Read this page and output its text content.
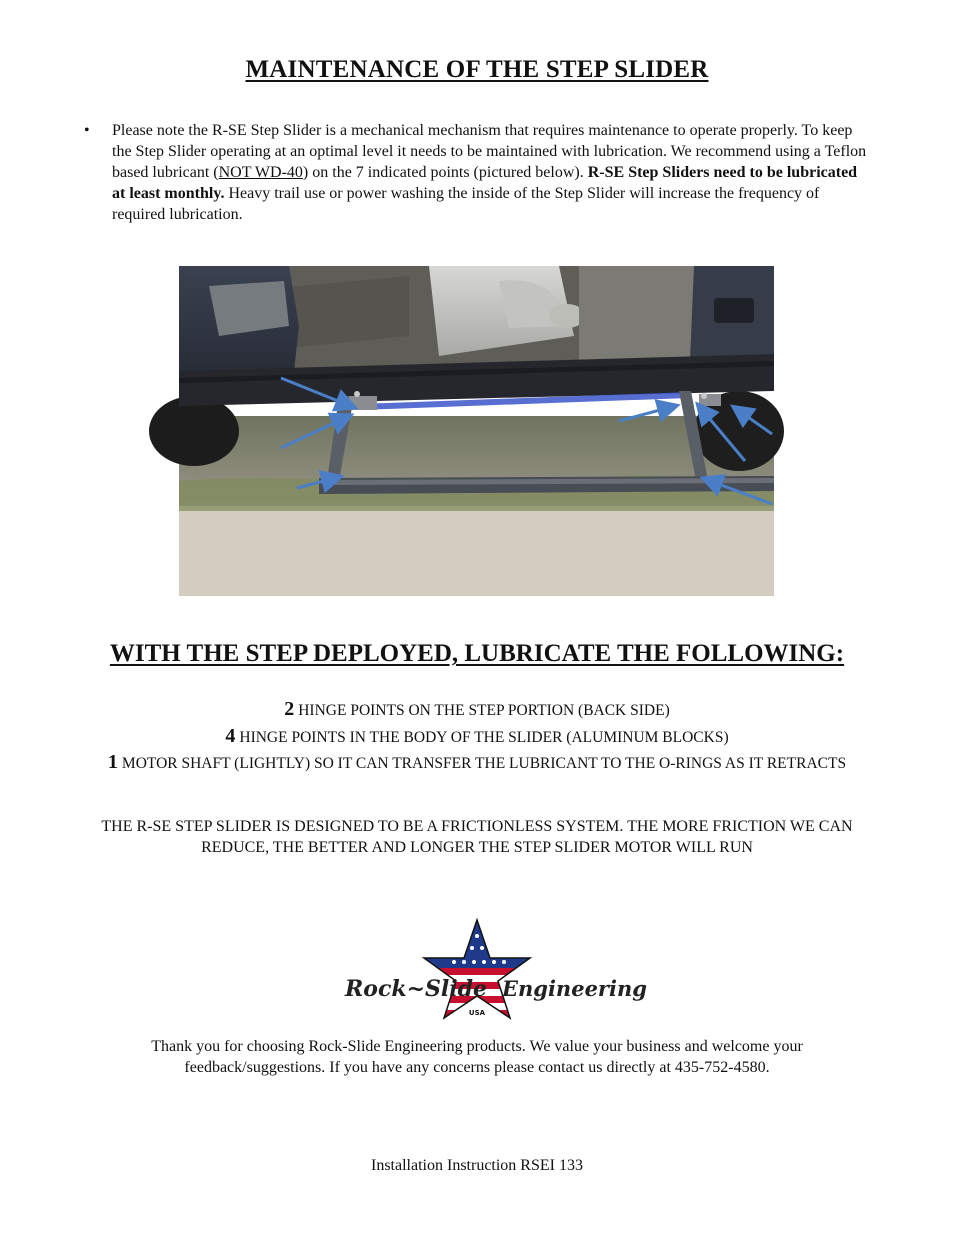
MAINTENANCE OF THE STEP SLIDER
• Please note the R-SE Step Slider is a mechanical mechanism that requires maintenance to operate properly. To keep the Step Slider operating at an optimal level it needs to be maintained with lubrication. We recommend using a Teflon based lubricant (NOT WD-40) on the 7 indicated points (pictured below). R-SE Step Sliders need to be lubricated at least monthly. Heavy trail use or power washing the inside of the Step Slider will increase the frequency of required lubrication.
WITH THE STEP DEPLOYED, LUBRICATE THE FOLLOWING:
2 HINGE POINTS ON THE STEP PORTION (BACK SIDE)
4 HINGE POINTS IN THE BODY OF THE SLIDER (ALUMINUM BLOCKS)
1 MOTOR SHAFT (LIGHTLY) SO IT CAN TRANSFER THE LUBRICANT TO THE O-RINGS AS IT RETRACTS
THE R-SE STEP SLIDER IS DESIGNED TO BE A FRICTIONLESS SYSTEM. THE MORE FRICTION WE CAN REDUCE, THE BETTER AND LONGER THE STEP SLIDER MOTOR WILL RUN
Rock~Slide Engineering
USA
Thank you for choosing Rock-Slide Engineering products. We value your business and welcome your feedback/suggestions. If you have any concerns please contact us directly at 435-752-4580.
Installation Instruction RSEI 133
